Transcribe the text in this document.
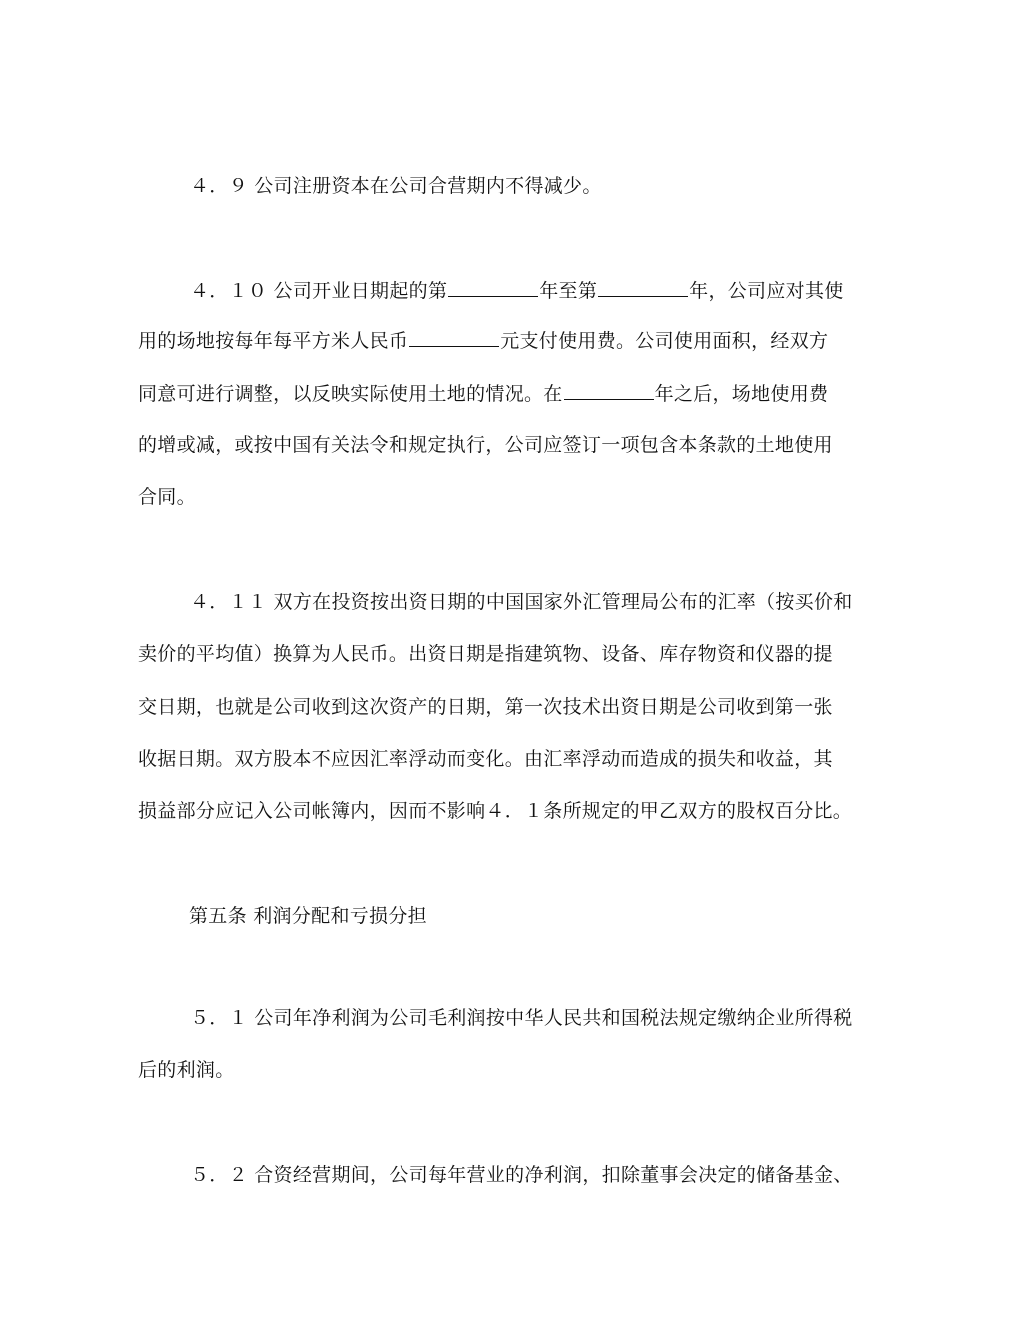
４．９ 公司注册资本在公司合营期内不得减少。
４．１０ 公司开业日期起的第	年至第	年，公司应对其使
用的场地按每年每平方米人民币	元支付使用费。公司使用面积，经双方
同意可进行调整，以反映实际使用土地的情况。在	年之后，场地使用费
的增或减，或按中国有关法令和规定执行，公司应签订一项包含本条款的土地使用
合同。
４．１１ 双方在投资按出资日期的中国国家外汇管理局公布的汇率（按买价和
卖价的平均值）换算为人民币。出资日期是指建筑物、设备、库存物资和仪器的提
交日期，也就是公司收到这次资产的日期，第一次技术出资日期是公司收到第一张
收据日期。双方股本不应因汇率浮动而变化。由汇率浮动而造成的损失和收益，其
损益部分应记入公司帐簿内，因而不影响４．１条所规定的甲乙双方的股权百分比。
第五条 利润分配和亏损分担
５．１ 公司年净利润为公司毛利润按中华人民共和国税法规定缴纳企业所得税
后的利润。
５．２ 合资经营期间，公司每年营业的净利润，扣除董事会决定的储备基金、
